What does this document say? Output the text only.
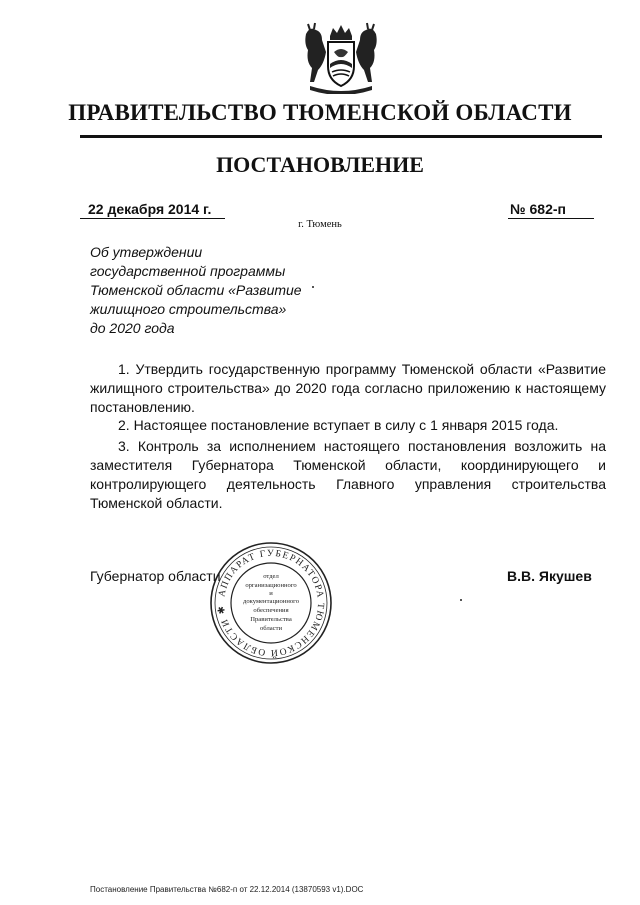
ПРАВИТЕЛЬСТВО ТЮМЕНСКОЙ ОБЛАСТИ
ПОСТАНОВЛЕНИЕ
22 декабря 2014 г.	№ 682-п
г. Тюмень
Об утверждении
государственной программы
Тюменской области «Развитие
жилищного строительства»
до 2020 года

1. Утвердить государственную программу Тюменской области «Развитие жилищного строительства» до 2020 года согласно приложению к настоящему постановлению.

2. Настоящее постановление вступает в силу с 1 января 2015 года.

3. Контроль за исполнением настоящего постановления возложить на заместителя Губернатора Тюменской области, координирующего и контролирующего деятельность Главного управления строительства Тюменской области.

Губернатор области	В.В. Якушев
АППАРАТ ГУБЕРНАТОРА ТЮМЕНСКОЙ ОБЛАСТИ ✱
отдел
организационного
и
документационного
обеспечения
Правительства
области
Постановление Правительства №682-п от 22.12.2014 (13870593 v1).DOC
